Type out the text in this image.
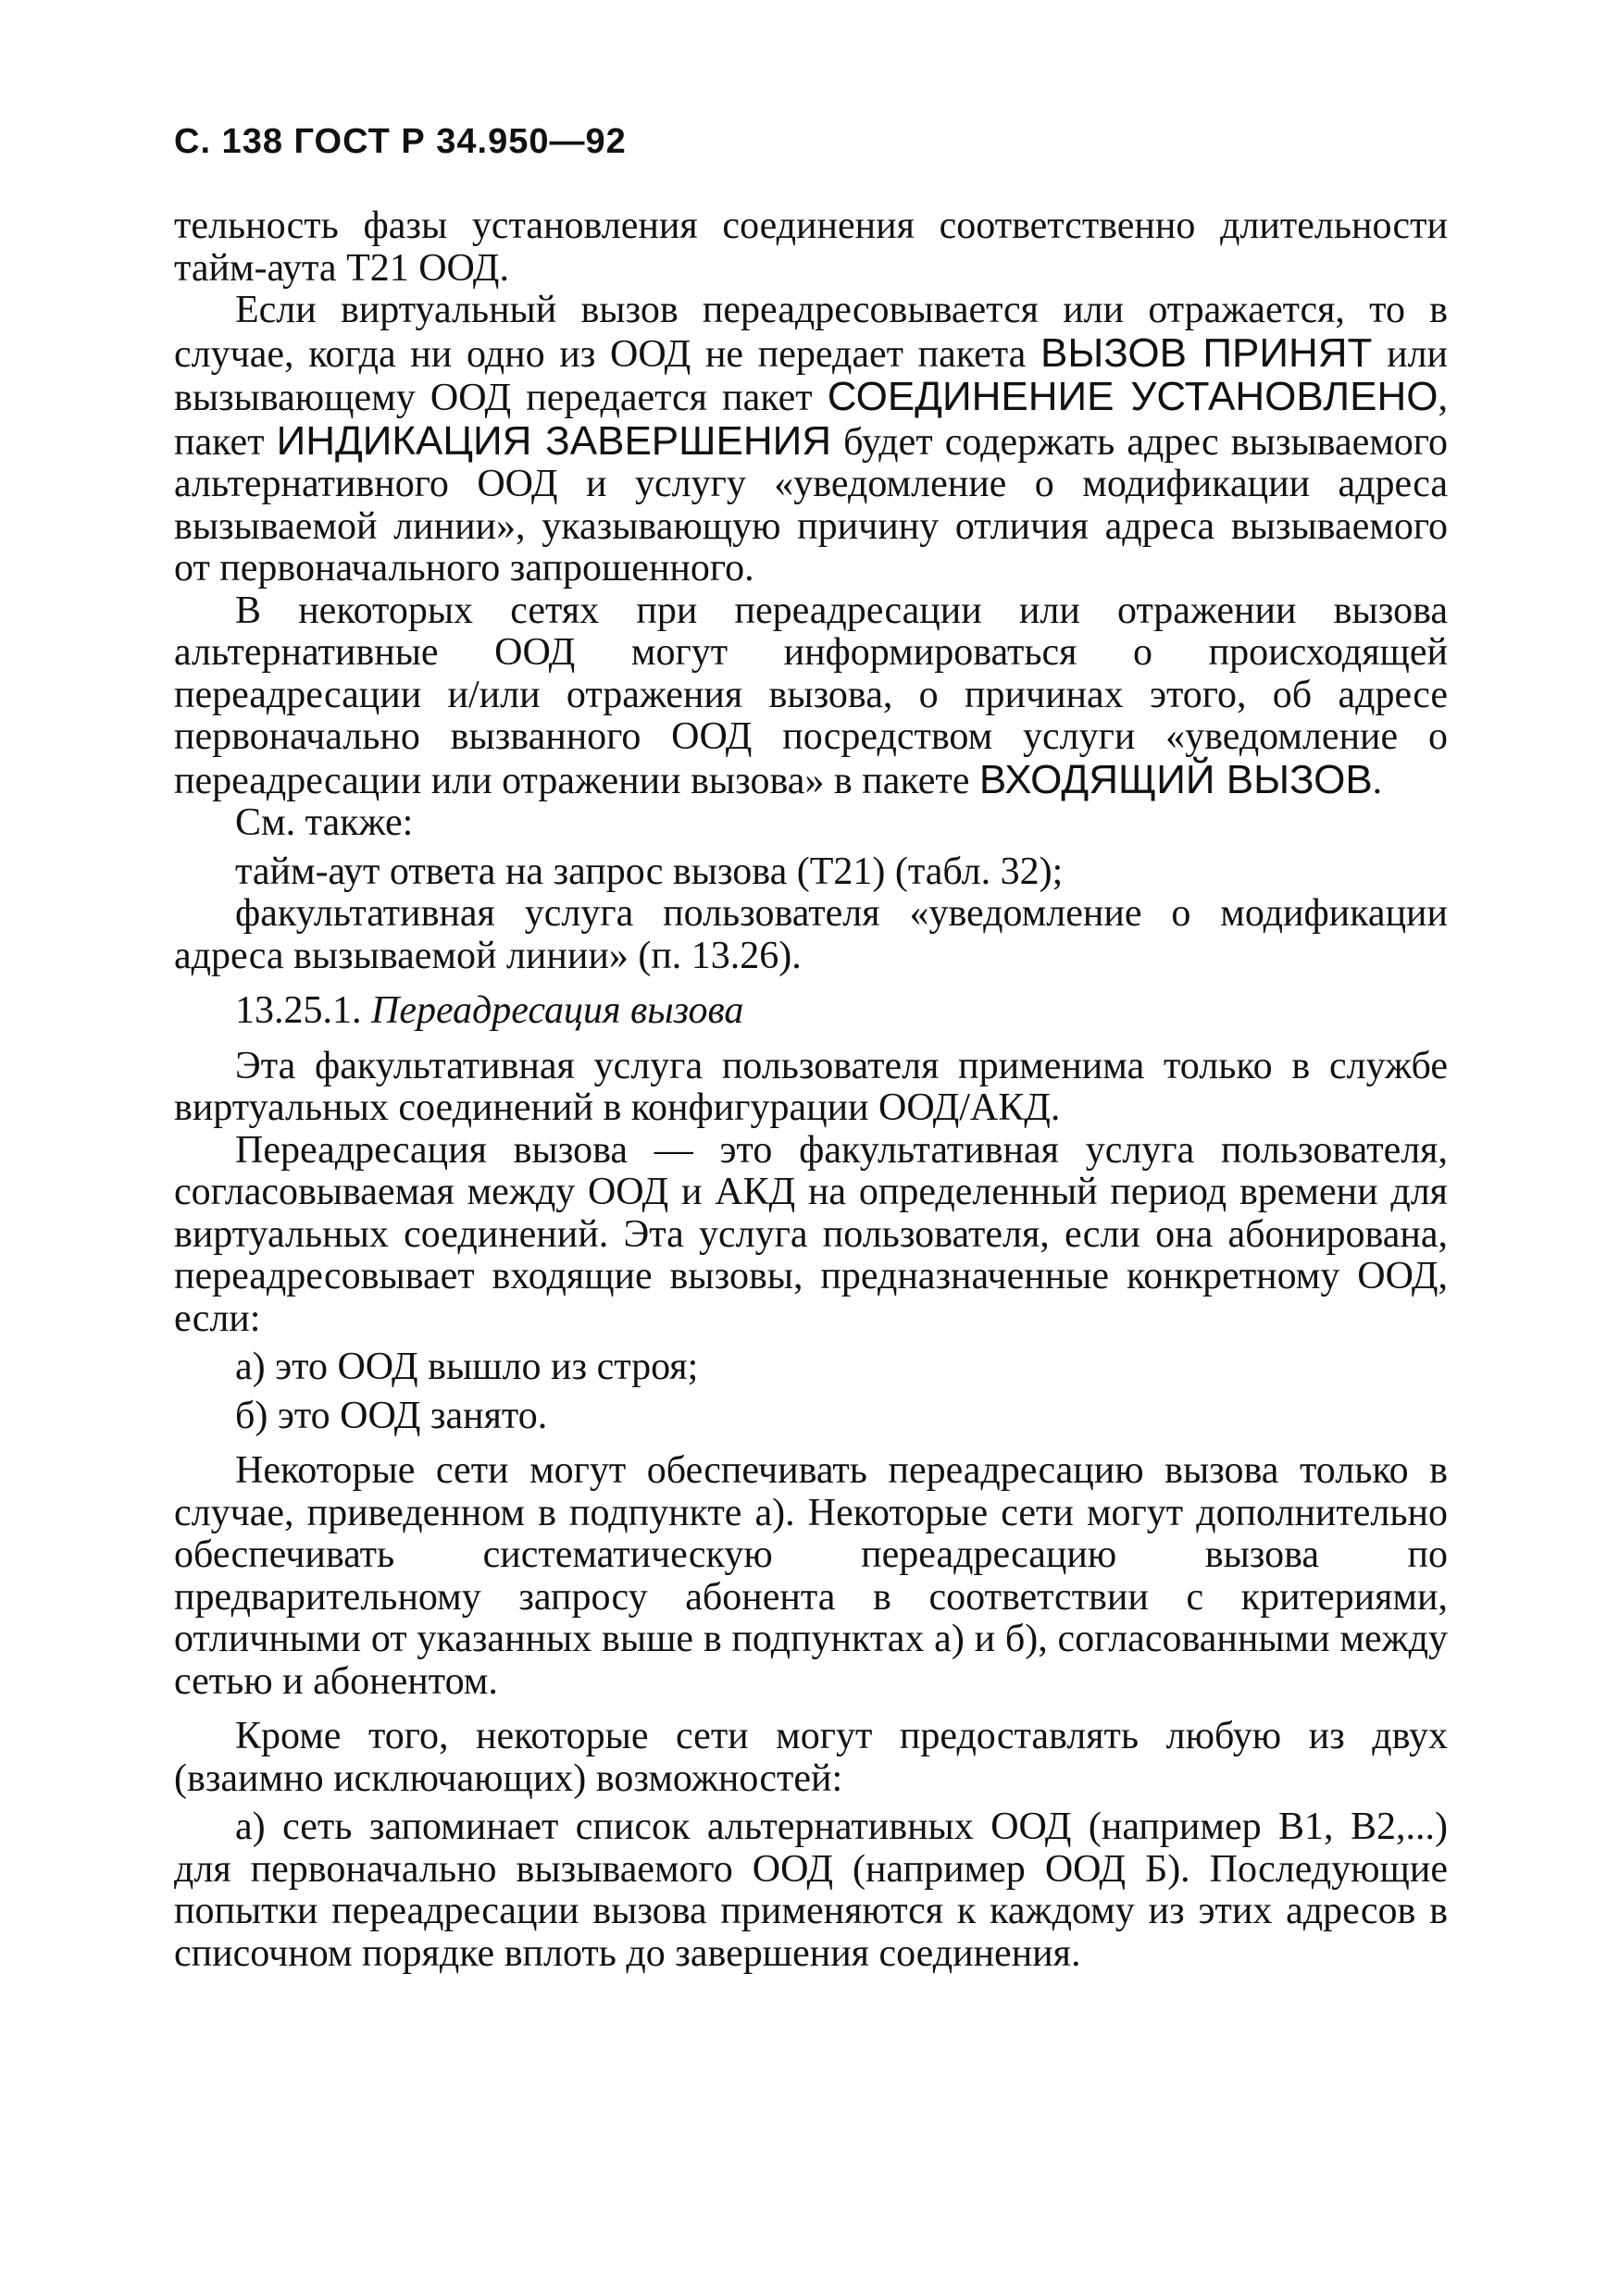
С. 138 ГОСТ Р 34.950—92

тельность фазы установления соединения соответственно длительности тайм-аута Т21 ООД.

Если виртуальный вызов переадресовывается или отражается, то в случае, когда ни одно из ООД не передает пакета ВЫЗОВ ПРИНЯТ или вызывающему ООД передается пакет СОЕДИНЕНИЕ УСТАНОВЛЕНО, пакет ИНДИКАЦИЯ ЗАВЕРШЕНИЯ будет содержать адрес вызываемого альтернативного ООД и услугу «уведомление о модификации адреса вызываемой линии», указывающую причину отличия адреса вызываемого от первоначального запрошенного.

В некоторых сетях при переадресации или отражении вызова альтернативные ООД могут информироваться о происходящей переадресации и/или отражения вызова, о причинах этого, об адресе первоначально вызванного ООД посредством услуги «уведомление о переадресации или отражении вызова» в пакете ВХОДЯЩИЙ ВЫЗОВ.

См. также:

тайм-аут ответа на запрос вызова (Т21) (табл. 32);

факультативная услуга пользователя «уведомление о модификации адреса вызываемой линии» (п. 13.26).

13.25.1. Переадресация вызова

Эта факультативная услуга пользователя применима только в службе виртуальных соединений в конфигурации ООД/АКД.

Переадресация вызова — это факультативная услуга пользователя, согласовываемая между ООД и АКД на определенный период времени для виртуальных соединений. Эта услуга пользователя, если она абонирована, переадресовывает входящие вызовы, предназначенные конкретному ООД, если:

а) это ООД вышло из строя;

б) это ООД занято.

Некоторые сети могут обеспечивать переадресацию вызова только в случае, приведенном в подпункте а). Некоторые сети могут дополнительно обеспечивать систематическую переадресацию вызова по предварительному запросу абонента в соответствии с критериями, отличными от указанных выше в подпунктах а) и б), согласованными между сетью и абонентом.

Кроме того, некоторые сети могут предоставлять любую из двух (взаимно исключающих) возможностей:

а) сеть запоминает список альтернативных ООД (например В1, В2,...) для первоначально вызываемого ООД (например ООД Б). Последующие попытки переадресации вызова применяются к каждому из этих адресов в списочном порядке вплоть до завершения соединения.
